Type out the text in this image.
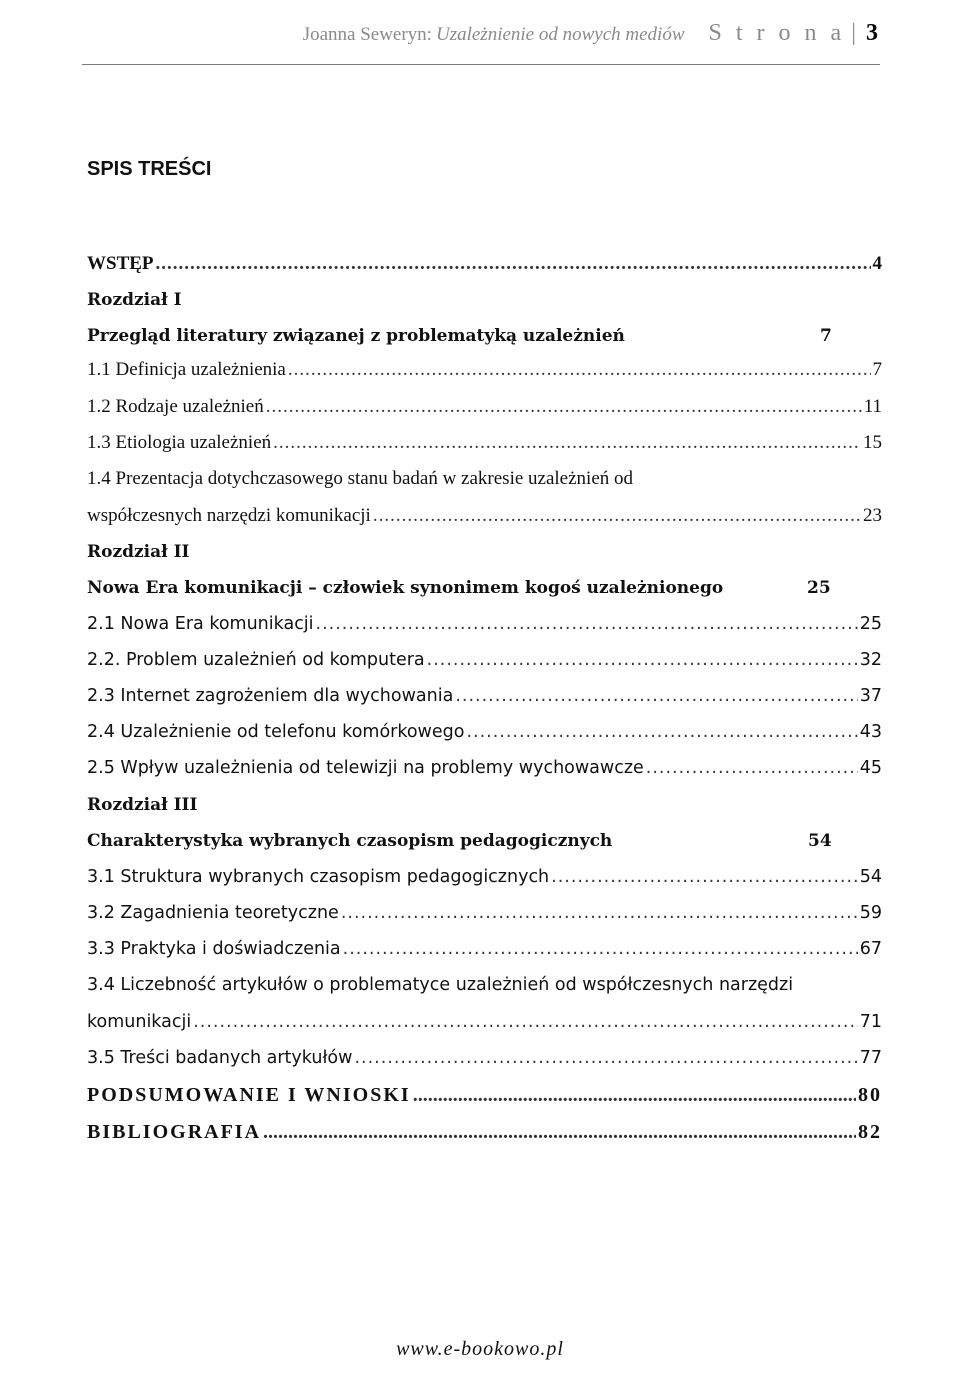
Joanna Seweryn: Uzależnienie od nowych mediów S t r o n a | 3
SPIS TREŚCI
WSTĘP .....	4
Rozdział I
Przegląd literatury związanej z problematyką uzależnień	7
1.1 Definicja uzależnienia .....	7
1.2 Rodzaje uzależnień .....	11
1.3 Etiologia uzależnień .....	15
1.4 Prezentacja dotychczasowego stanu badań w zakresie uzależnień od
współczesnych narzędzi komunikacji .....	23
Rozdział II
Nowa Era komunikacji – człowiek synonimem kogoś uzależnionego	25
2.1 Nowa Era komunikacji .....	25
2.2. Problem uzależnień od komputera .....	32
2.3 Internet zagrożeniem dla wychowania .....	37
2.4 Uzależnienie od telefonu komórkowego .....	43
2.5 Wpływ uzależnienia od telewizji na problemy wychowawcze .....	45
Rozdział III
Charakterystyka wybranych czasopism pedagogicznych	54
3.1 Struktura wybranych czasopism pedagogicznych .....	54
3.2 Zagadnienia teoretyczne .....	59
3.3 Praktyka i doświadczenia .....	67
3.4 Liczebność artykułów o problematyce uzależnień od współczesnych narzędzi
komunikacji .....	71
3.5 Treści badanych artykułów .....	77
PODSUMOWANIE I WNIOSKI .....	80
BIBLIOGRAFIA .....	82
www.e-bookowo.pl
